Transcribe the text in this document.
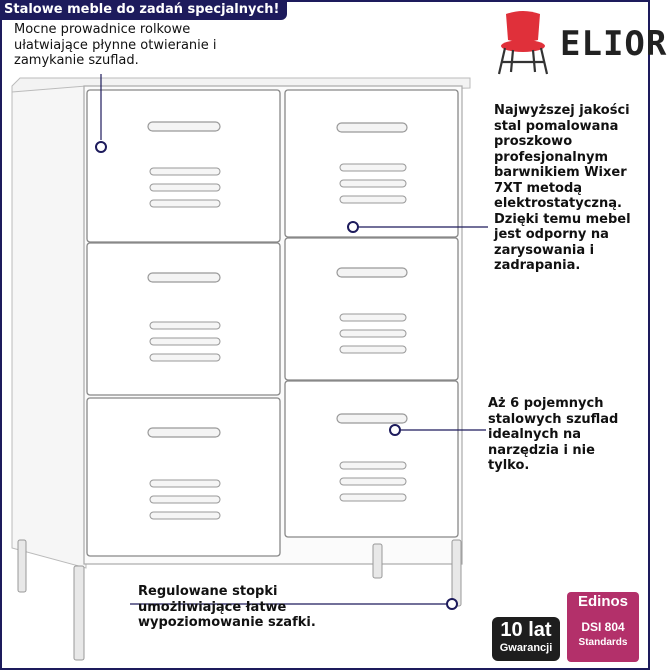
Stalowe meble do zadań specjalnych!
Mocne prowadnice rolkowe
ułatwiające płynne otwieranie i
zamykanie szuflad.
Najwyższej jakości
stal pomalowana
proszkowo
profesjonalnym
barwnikiem Wixer
7XT metodą
elektrostatyczną.
Dzięki temu mebel
jest odporny na
zarysowania i
zadrapania.
Aż 6 pojemnych
stalowych szuflad
idealnych na
narzędzia i nie
tylko.
Regulowane stopki
umożliwiające łatwe
wypoziomowanie szafki.
ELIOR
10 lat
Gwarancji
Edinos
DSI 804
Standards
